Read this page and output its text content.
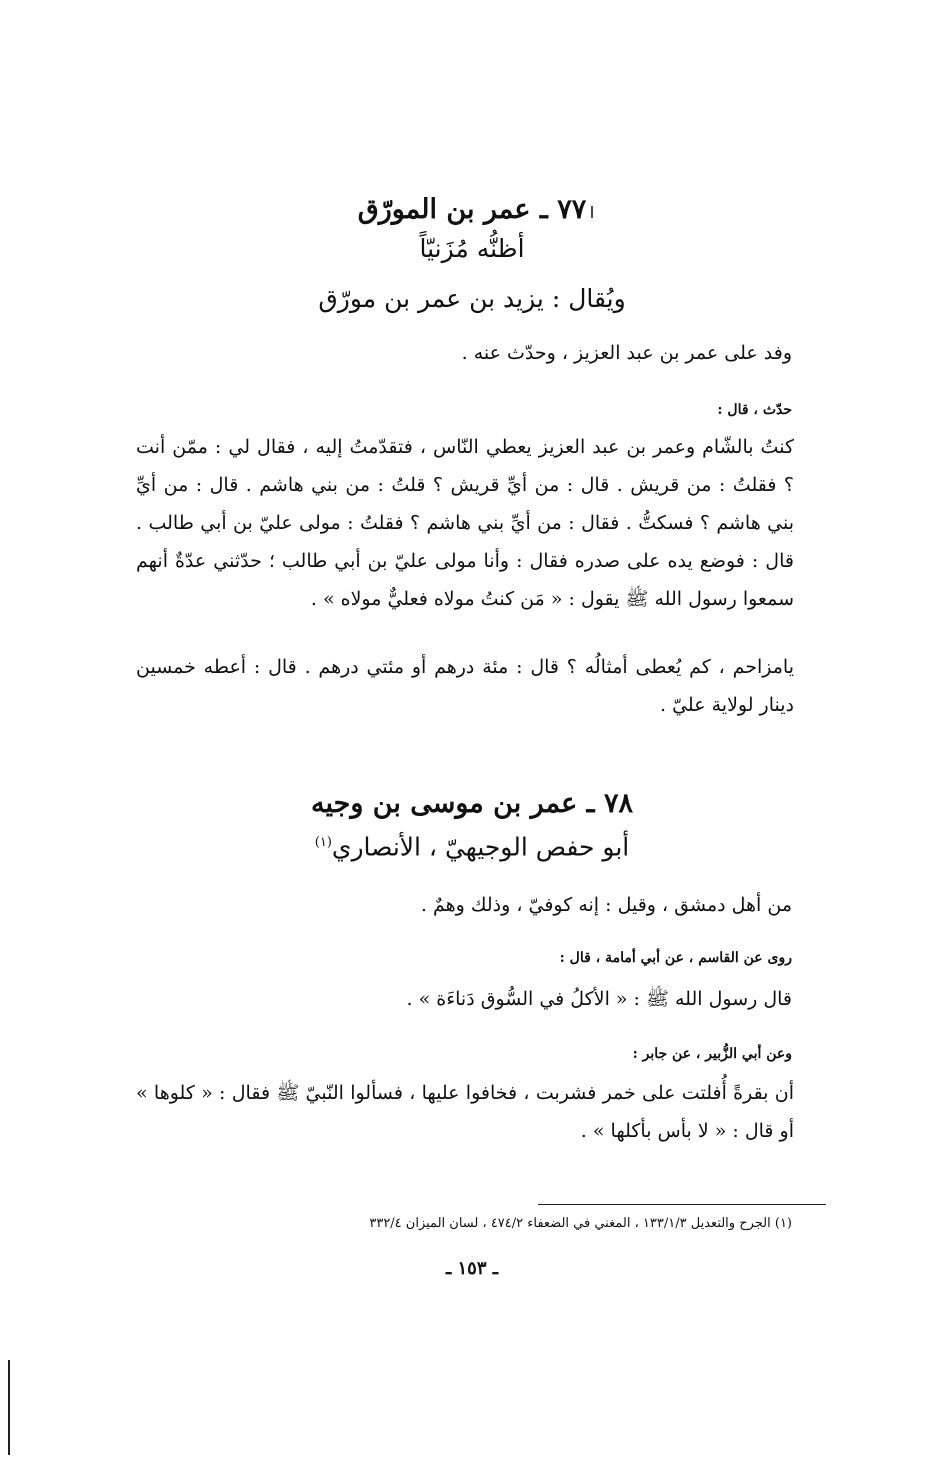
٧٧ ـ عمر بن المورّق
أظنُّه مُزَنيّاً
ويُقال : يزيد بن عمر بن مورّق
وفد على عمر بن عبد العزيز ، وحدّث عنه .
حدّث ، قال :

كنتُ بالشّام وعمر بن عبد العزيز يعطي النّاس ، فتقدّمتُ إليه ، فقال لي : ممّن أنت ؟ فقلتُ : من قريش . قال : من أيِّ قريش ؟ قلتُ : من بني هاشم . قال : من أيِّ بني هاشم ؟ فسكتُّ . فقال : من أيِّ بني هاشم ؟ فقلتُ : مولى عليّ بن أبي طالب . قال : فوضع يده على صدره فقال : وأنا مولى عليّ بن أبي طالب ؛ حدّثني عدّةٌ أنهم سمعوا رسول الله ﷺ يقول : « مَن كنتُ مولاه فعليٌّ مولاه » .

يامزاحم ، كم يُعطى أمثالُه ؟ قال : مئة درهم أو مئتي درهم . قال : أعطه خمسين دينار لولاية عليّ .

٧٨ ـ عمر بن موسى بن وجيه
أبو حفص الوجيهيّ ، الأنصاري$^{(١)}$
من أهل دمشق ، وقيل : إنه كوفيّ ، وذلك وهمٌ .
روى عن القاسم ، عن أبي أمامة ، قال :
قال رسول الله ﷺ : « الأكلُ في السُّوق دَناءَة » .
وعن أبي الزُّبير ، عن جابر :

أن بقرةً أُفلتت على خمر فشربت ، فخافوا عليها ، فسألوا النّبيّ ﷺ فقال : « كلوها » أو قال : « لا بأس بأكلها » .

(١) الجرح والتعديل ١٣٣/١/٣ ، المغني في الضعفاء ٤٧٤/٢ ، لسان الميزان ٣٣٢/٤
ـ ١٥٣ ـ
